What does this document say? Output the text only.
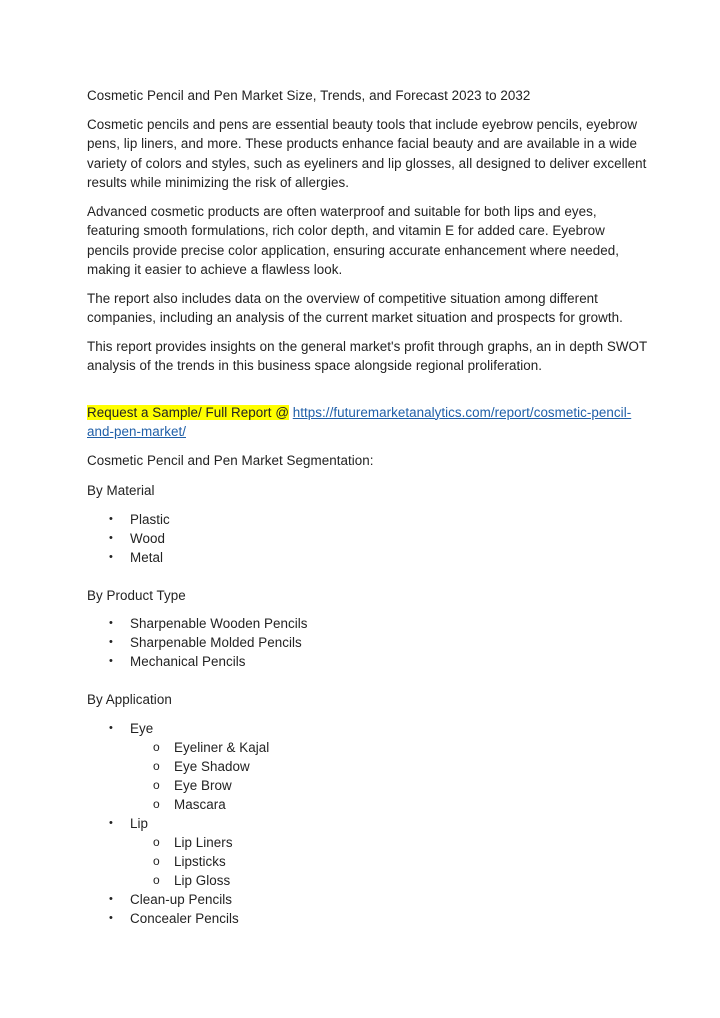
Cosmetic Pencil and Pen Market Size, Trends, and Forecast 2023 to 2032

Cosmetic pencils and pens are essential beauty tools that include eyebrow pencils, eyebrow pens, lip liners, and more. These products enhance facial beauty and are available in a wide variety of colors and styles, such as eyeliners and lip glosses, all designed to deliver excellent results while minimizing the risk of allergies.

Advanced cosmetic products are often waterproof and suitable for both lips and eyes, featuring smooth formulations, rich color depth, and vitamin E for added care. Eyebrow pencils provide precise color application, ensuring accurate enhancement where needed, making it easier to achieve a flawless look.

The report also includes data on the overview of competitive situation among different companies, including an analysis of the current market situation and prospects for growth.

This report provides insights on the general market's profit through graphs, an in depth SWOT analysis of the trends in this business space alongside regional proliferation.

Request a Sample/ Full Report @ https://futuremarketanalytics.com/report/cosmetic-pencil-and-pen-market/

Cosmetic Pencil and Pen Market Segmentation:

By Material

• Plastic
• Wood
• Metal

By Product Type

• Sharpenable Wooden Pencils
• Sharpenable Molded Pencils
• Mechanical Pencils

By Application

• Eye
o Eyeliner & Kajal
o Eye Shadow
o Eye Brow
o Mascara
• Lip
o Lip Liners
o Lipsticks
o Lip Gloss
• Clean-up Pencils
• Concealer Pencils
